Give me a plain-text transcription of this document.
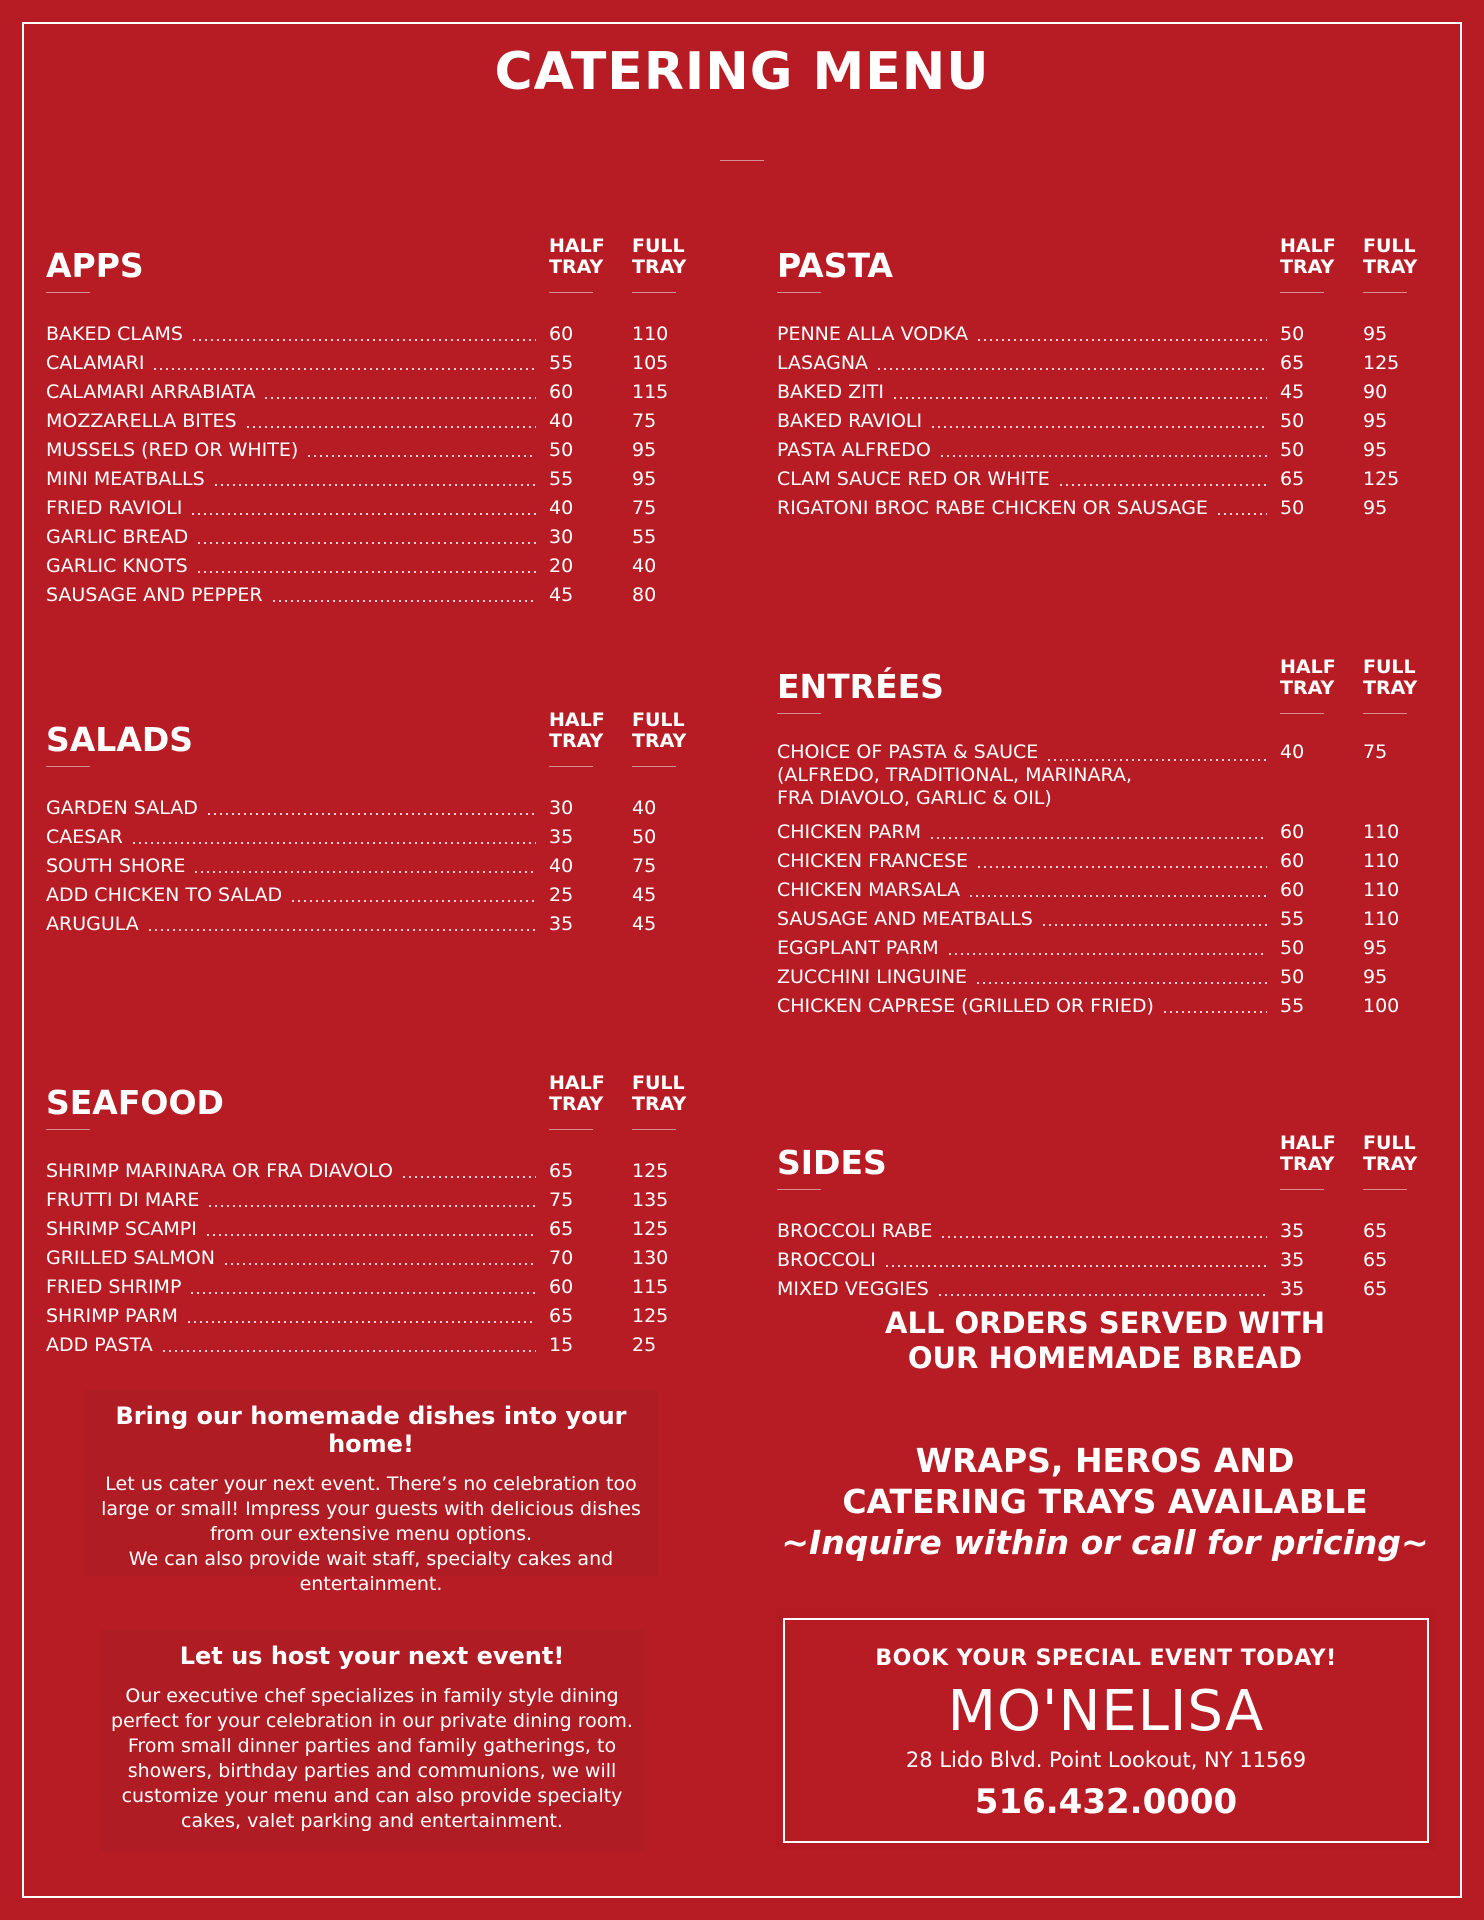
CATERING MENU
APPS	HALF
TRAY
FULL
TRAY
BAKED CLAMS	60	110
CALAMARI	55	105
CALAMARI ARRABIATA	60	115
MOZZARELLA BITES	40	75
MUSSELS (RED OR WHITE)	50	95
MINI MEATBALLS	55	95
FRIED RAVIOLI	40	75
GARLIC BREAD	30	55
GARLIC KNOTS	20	40
SAUSAGE AND PEPPER	45	80
SALADS	HALF
TRAY
FULL
TRAY
GARDEN SALAD	30	40
CAESAR	35	50
SOUTH SHORE	40	75
ADD CHICKEN TO SALAD	25	45
ARUGULA	35	45
SEAFOOD	HALF
TRAY
FULL
TRAY
SHRIMP MARINARA OR FRA DIAVOLO	65	125
FRUTTI DI MARE	75	135
SHRIMP SCAMPI	65	125
GRILLED SALMON	70	130
FRIED SHRIMP	60	115
SHRIMP PARM	65	125
ADD PASTA	15	25
PASTA	HALF
TRAY
FULL
TRAY
PENNE ALLA VODKA	50	95
LASAGNA	65	125
BAKED ZITI	45	90
BAKED RAVIOLI	50	95
PASTA ALFREDO	50	95
CLAM SAUCE RED OR WHITE	65	125
RIGATONI BROC RABE CHICKEN OR SAUSAGE	50	95
ENTRÉES	HALF
TRAY
FULL
TRAY
CHOICE OF PASTA & SAUCE
(ALFREDO, TRADITIONAL, MARINARA,
FRA DIAVOLO, GARLIC & OIL)
40	75
CHICKEN PARM	60	110
CHICKEN FRANCESE	60	110
CHICKEN MARSALA	60	110
SAUSAGE AND MEATBALLS	55	110
EGGPLANT PARM	50	95
ZUCCHINI LINGUINE	50	95
CHICKEN CAPRESE (GRILLED OR FRIED)	55	100
SIDES	HALF
TRAY
FULL
TRAY
BROCCOLI RABE	35	65
BROCCOLI	35	65
MIXED VEGGIES	35	65
ALL ORDERS SERVED WITH
OUR HOMEMADE BREAD
WRAPS, HEROS AND
CATERING TRAYS AVAILABLE
~Inquire within or call for pricing~
Bring our homemade dishes into your home!

Let us cater your next event. There’s no celebration too large or small! Impress your guests with delicious dishes from our extensive menu options.

We can also provide wait staff, specialty cakes and entertainment.

Let us host your next event!

Our executive chef specializes in family style dining perfect for your celebration in our private dining room. From small dinner parties and family gatherings, to showers, birthday parties and communions, we will customize your menu and can also provide specialty cakes, valet parking and entertainment.

BOOK YOUR SPECIAL EVENT TODAY!
MO'NELISA
28 Lido Blvd. Point Lookout, NY 11569
516.432.0000
